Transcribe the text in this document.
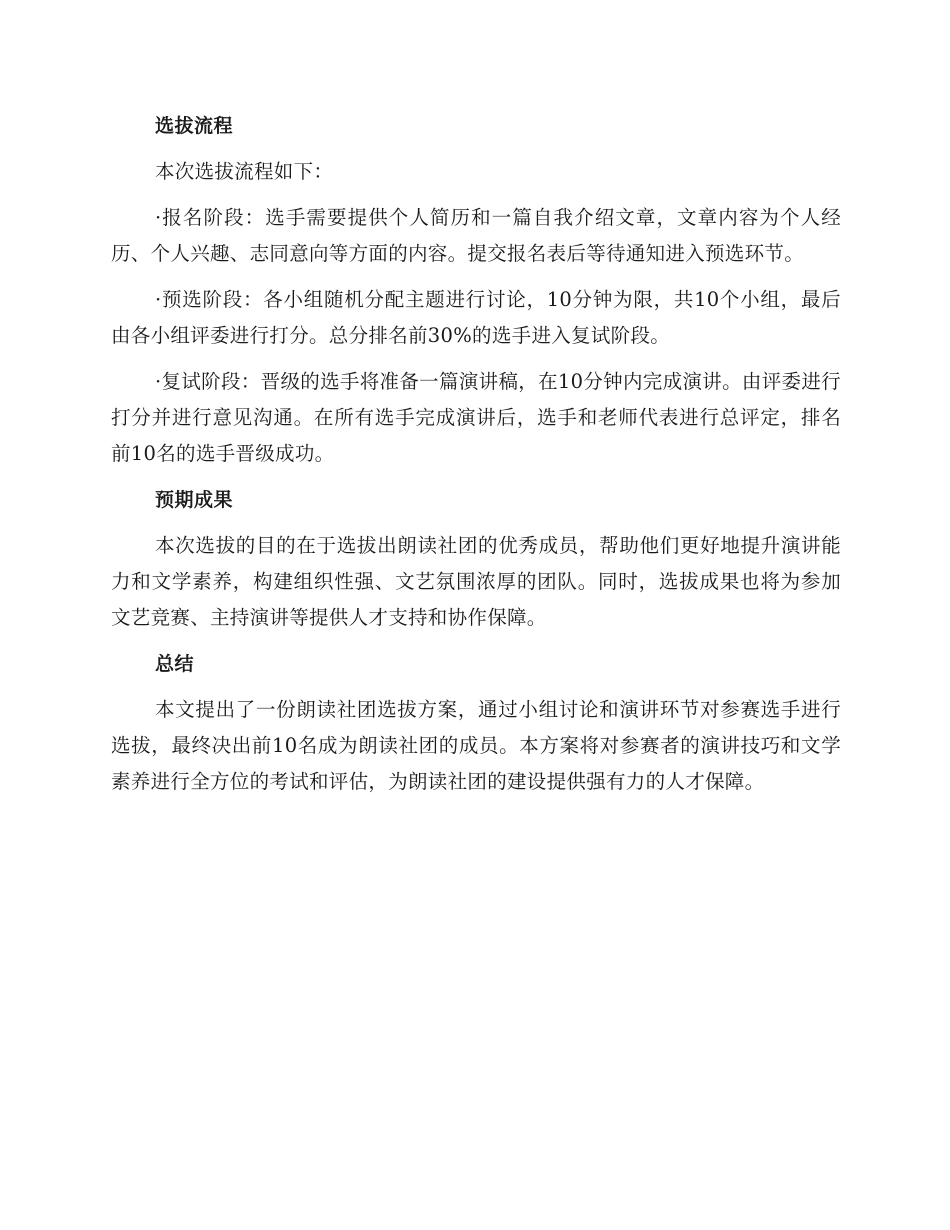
选拔流程

本次选拔流程如下：

·报名阶段：选手需要提供个人简历和一篇自我介绍文章，文章内容为个人经历、个人兴趣、志同意向等方面的内容。提交报名表后等待通知进入预选环节。

·预选阶段：各小组随机分配主题进行讨论，10分钟为限，共10个小组，最后由各小组评委进行打分。总分排名前30%的选手进入复试阶段。

·复试阶段：晋级的选手将准备一篇演讲稿，在10分钟内完成演讲。由评委进行打分并进行意见沟通。在所有选手完成演讲后，选手和老师代表进行总评定，排名前10名的选手晋级成功。

预期成果

本次选拔的目的在于选拔出朗读社团的优秀成员，帮助他们更好地提升演讲能力和文学素养，构建组织性强、文艺氛围浓厚的团队。同时，选拔成果也将为参加文艺竞赛、主持演讲等提供人才支持和协作保障。

总结

本文提出了一份朗读社团选拔方案，通过小组讨论和演讲环节对参赛选手进行选拔，最终决出前10名成为朗读社团的成员。本方案将对参赛者的演讲技巧和文学素养进行全方位的考试和评估，为朗读社团的建设提供强有力的人才保障。
